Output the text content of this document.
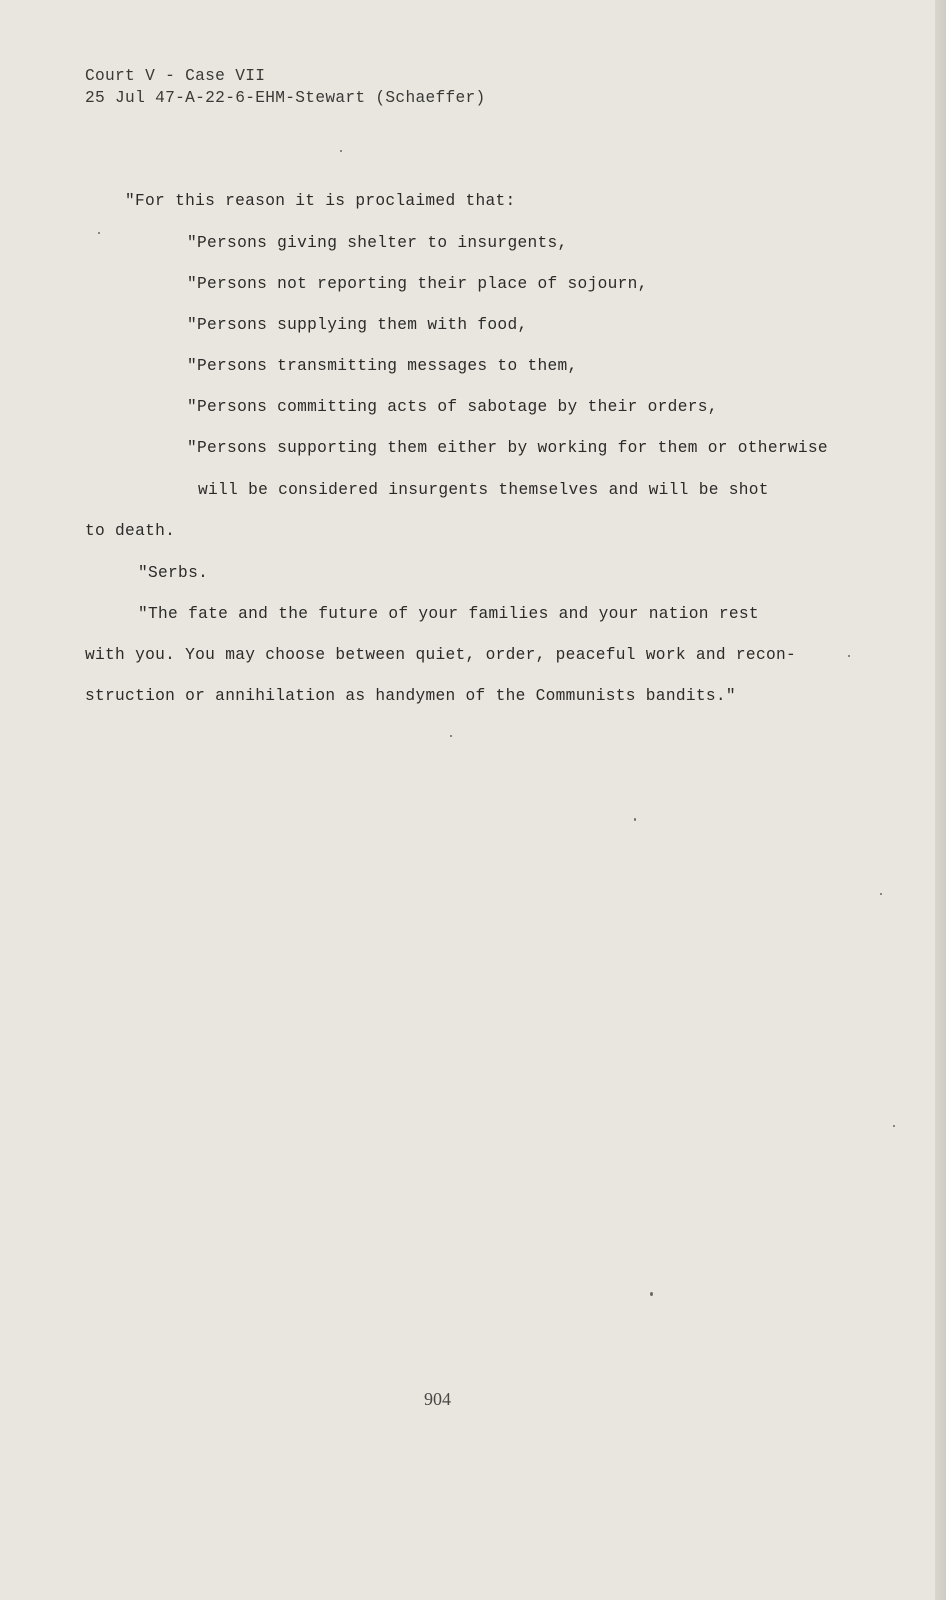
Court V - Case VII
25 Jul 47-A-22-6-EHM-Stewart (Schaeffer)
"For this reason it is proclaimed that:
"Persons giving shelter to insurgents,
"Persons not reporting their place of sojourn,
"Persons supplying them with food,
"Persons transmitting messages to them,
"Persons committing acts of sabotage by their orders,
"Persons supporting them either by working for them or otherwise
will be considered insurgents themselves and will be shot
to death.
"Serbs.
"The fate and the future of your families and your nation rest
with you. You may choose between quiet, order, peaceful work and recon-
struction or annihilation as handymen of the Communists bandits."
904
